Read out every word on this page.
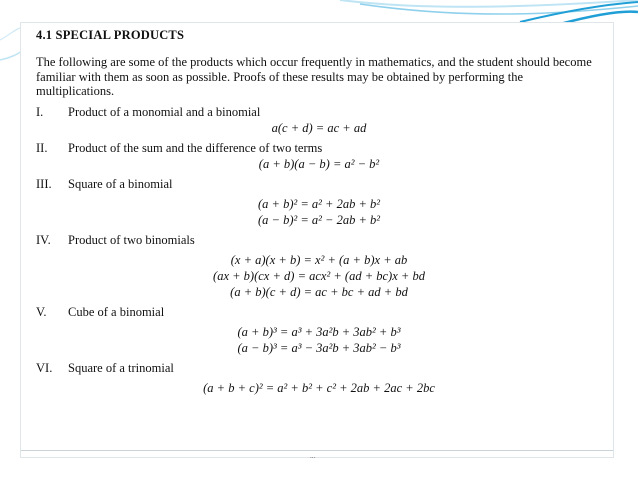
4.1 SPECIAL PRODUCTS
The following are some of the products which occur frequently in mathematics, and the student should become familiar with them as soon as possible. Proofs of these results may be obtained by performing the multiplications.
I.	Product of a monomial and a binomial
a(c + d) = ac + ad
II.	Product of the sum and the difference of two terms
(a + b)(a − b) = a² − b²
III.	Square of a binomial
(a + b)² = a² + 2ab + b²
(a − b)² = a² − 2ab + b²
IV.	Product of two binomials
(x + a)(x + b) = x² + (a + b)x + ab
(ax + b)(cx + d) = acx² + (ad + bc)x + bd
(a + b)(c + d) = ac + bc + ad + bd
V.	Cube of a binomial
(a + b)³ = a³ + 3a²b + 3ab² + b³
(a − b)³ = a³ − 3a²b + 3ab² − b³
VI.	Square of a trinomial
(a + b + c)² = a² + b² + c² + 2ab + 2ac + 2bc
...
